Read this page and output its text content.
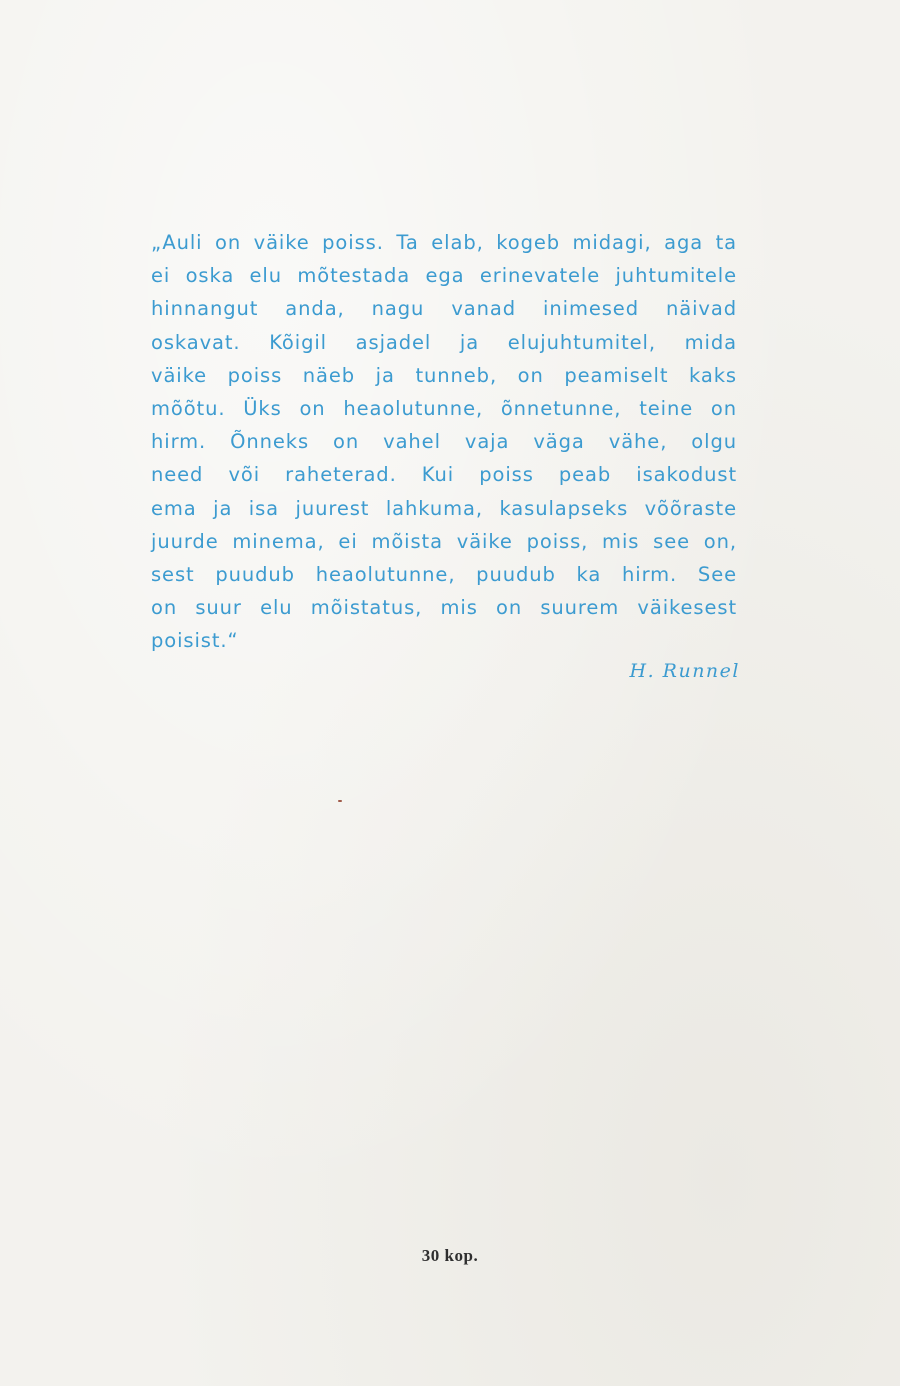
„Auli on väike poiss. Ta elab, kogeb midagi, aga ta
ei oska elu mõtestada ega erinevatele juhtumitele
hinnangut anda, nagu vanad inimesed näivad
oskavat. Kõigil asjadel ja elujuhtumitel, mida
väike poiss näeb ja tunneb, on peamiselt kaks
mõõtu. Üks on heaolutunne, õnnetunne, teine on
hirm. Õnneks on vahel vaja väga vähe, olgu
need või raheterad. Kui poiss peab isakodust
ema ja isa juurest lahkuma, kasulapseks võõraste
juurde minema, ei mõista väike poiss, mis see on,
sest puudub heaolutunne, puudub ka hirm. See
on suur elu mõistatus, mis on suurem väikesest
poisist.“

H. Runnel

30 kop.
